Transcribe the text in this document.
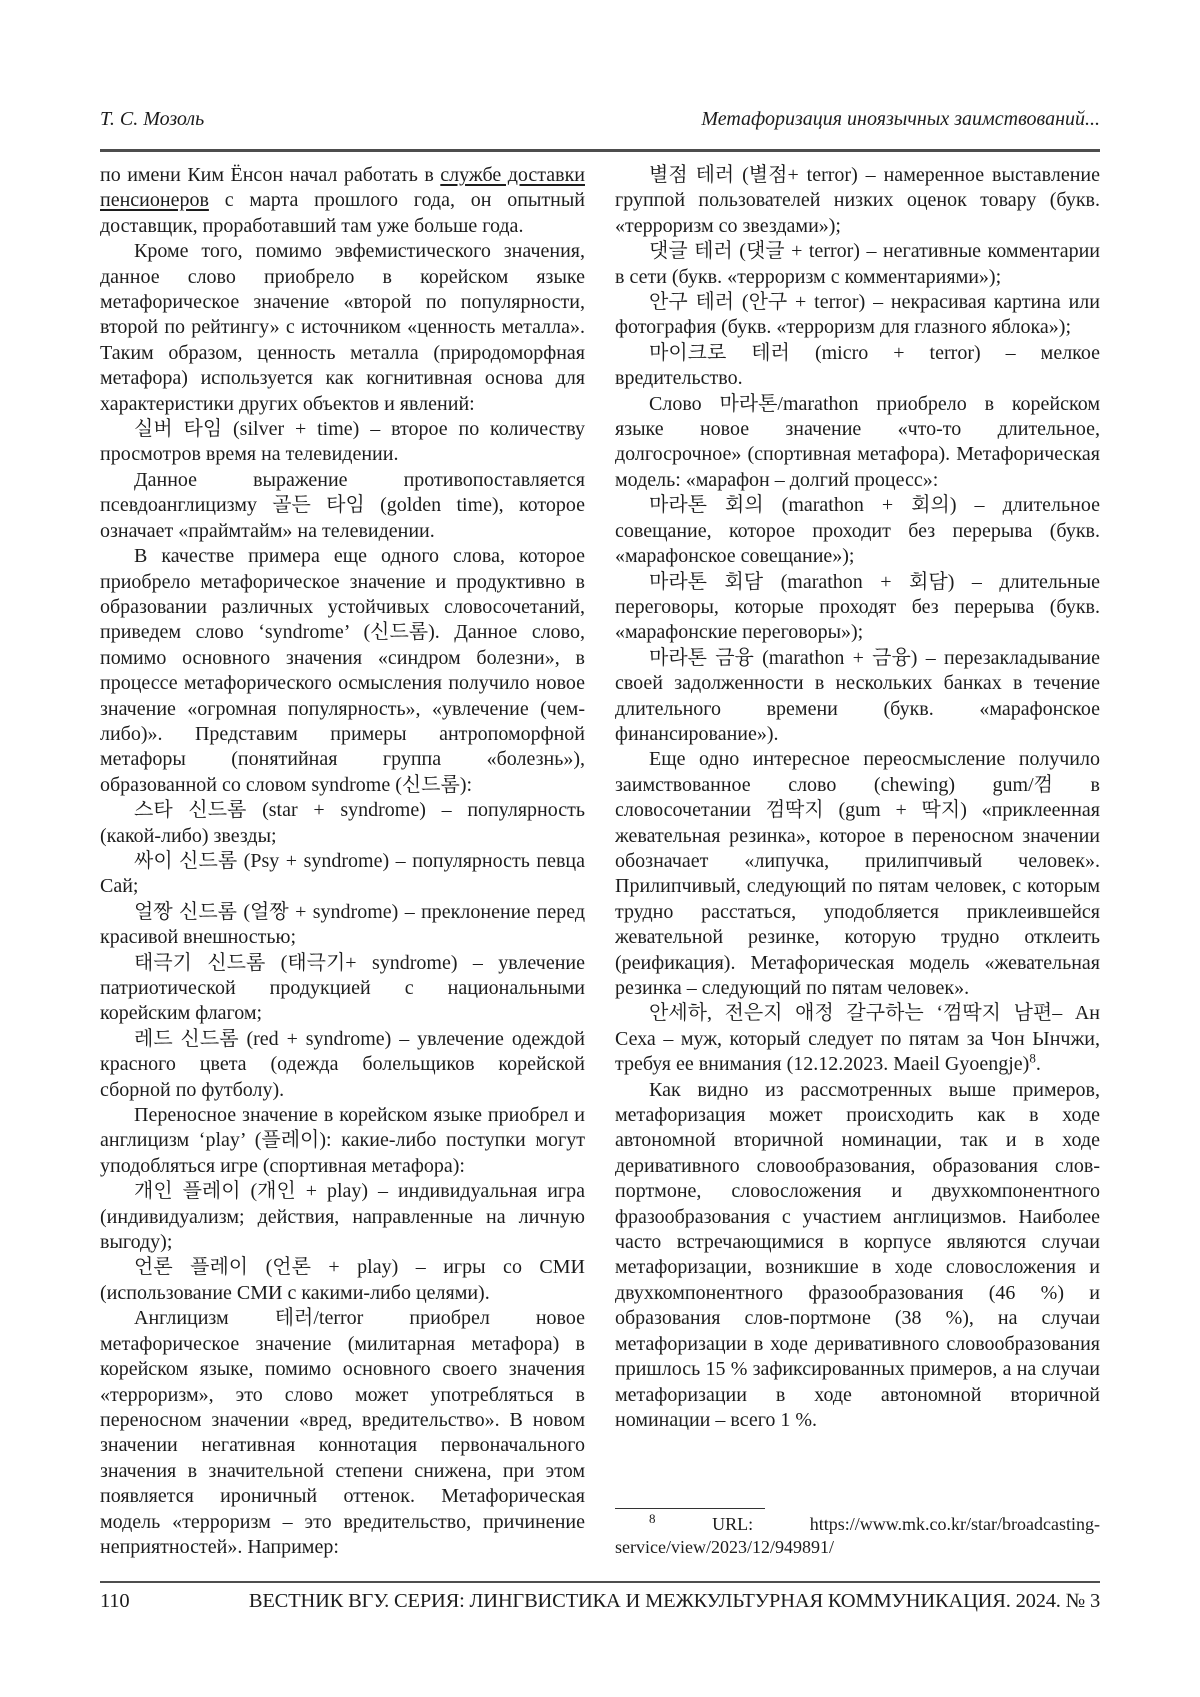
Т. С. Мозоль	Метафоризация иноязычных заимствований...

по имени Ким Ёнсон начал работать в службе доставки пенсионеров с марта прошлого года, он опытный доставщик, проработавший там уже больше года.

Кроме того, помимо эвфемистического значения, данное слово приобрело в корейском языке метафорическое значение «второй по популярности, второй по рейтингу» с источником «ценность металла». Таким образом, ценность металла (природоморфная метафора) используется как когнитивная основа для характеристики других объектов и явлений:

실버 타임 (silver + time) – второе по количеству просмотров время на телевидении.

Данное выражение противопоставляется псевдоанглицизму 골든 타임 (golden time), которое означает «праймтайм» на телевидении.

В качестве примера еще одного слова, которое приобрело метафорическое значение и продуктивно в образовании различных устойчивых словосочетаний, приведем слово ‘syndrome’ (신드롬). Данное слово, помимо основного значения «синдром болезни», в процессе метафорического осмысления получило новое значение «огромная популярность», «увлечение (чем-либо)». Представим примеры антропоморфной метафоры (понятийная группа «болезнь»), образованной со словом syndrome (신드롬):

스타 신드롬 (star + syndrome) – популярность (какой-либо) звезды;

싸이 신드롬 (Psy + syndrome) – популярность певца Сай;

얼짱 신드롬 (얼짱 + syndrome) – преклонение перед красивой внешностью;

태극기 신드롬 (태극기+ syndrome) – увлечение патриотической продукцией с национальными корейским флагом;

레드 신드롬 (red + syndrome) – увлечение одеждой красного цвета (одежда болельщиков корейской сборной по футболу).

Переносное значение в корейском языке приобрел и англицизм ‘play’ (플레이): какие-либо поступки могут уподобляться игре (спортивная метафора):

개인 플레이 (개인 + play) – индивидуальная игра (индивидуализм; действия, направленные на личную выгоду);

언론 플레이 (언론 + play) – игры со СМИ (использование СМИ с какими-либо целями).

Англицизм 테러/terror приобрел новое метафорическое значение (милитарная метафора) в корейском языке, помимо основного своего значения «терроризм», это слово может употребляться в переносном значении «вред, вредительство». В новом значении негативная коннотация первоначального значения в значительной степени снижена, при этом появляется ироничный оттенок. Метафорическая модель «терроризм – это вредительство, причинение неприятностей». Например:

별점 테러 (별점+ terror) – намеренное выставление группой пользователей низких оценок товару (букв. «терроризм со звездами»);

댓글 테러 (댓글 + terror) – негативные комментарии в сети (букв. «терроризм с комментариями»);

안구 테러 (안구 + terror) – некрасивая картина или фотография (букв. «терроризм для глазного яблока»);

마이크로 테러 (micro + terror) – мелкое вредительство.

Слово 마라톤/marathon приобрело в корейском языке новое значение «что-то длительное, долгосрочное» (спортивная метафора). Метафорическая модель: «марафон – долгий процесс»:

마라톤 회의 (marathon + 회의) – длительное совещание, которое проходит без перерыва (букв. «марафонское совещание»);

마라톤 회담 (marathon + 회담) – длительные переговоры, которые проходят без перерыва (букв. «марафонские переговоры»);

마라톤 금융 (marathon + 금융) – перезакладывание своей задолженности в нескольких банках в течение длительного времени (букв. «марафонское финансирование»).

Еще одно интересное переосмысление получило заимствованное слово (chewing) gum/껌 в словосочетании 껌딱지 (gum + 딱지) «приклеенная жевательная резинка», которое в переносном значении обозначает «липучка, прилипчивый человек». Прилипчивый, следующий по пятам человек, с которым трудно расстаться, уподобляется приклеившейся жевательной резинке, которую трудно отклеить (реификация). Метафорическая модель «жевательная резинка – следующий по пятам человек».

안세하, 전은지 애정 갈구하는 ‘껌딱지 남편– Ан Сеха – муж, который следует по пятам за Чон Ынчжи, требуя ее внимания (12.12.2023. Maeil Gyoengje)$^8$.

Как видно из рассмотренных выше примеров, метафоризация может происходить как в ходе автономной вторичной номинации, так и в ходе деривативного словообразования, образования слов-портмоне, словосложения и двухкомпонентного фразообразования с участием англицизмов. Наиболее часто встречающимися в корпусе являются случаи метафоризации, возникшие в ходе словосложения и двухкомпонентного фразообразования (46 %) и образования слов-портмоне (38 %), на случаи метафоризации в ходе деривативного словообразования пришлось 15 % зафиксированных примеров, а на случаи метафоризации в ходе автономной вторичной номинации – всего 1 %.

$^8$ URL: https://www.mk.co.kr/star/broadcasting-service/view/2023/12/949891/
110	ВЕСТНИК ВГУ. СЕРИЯ: ЛИНГВИСТИКА И МЕЖКУЛЬТУРНАЯ КОММУНИКАЦИЯ. 2024. № 3
